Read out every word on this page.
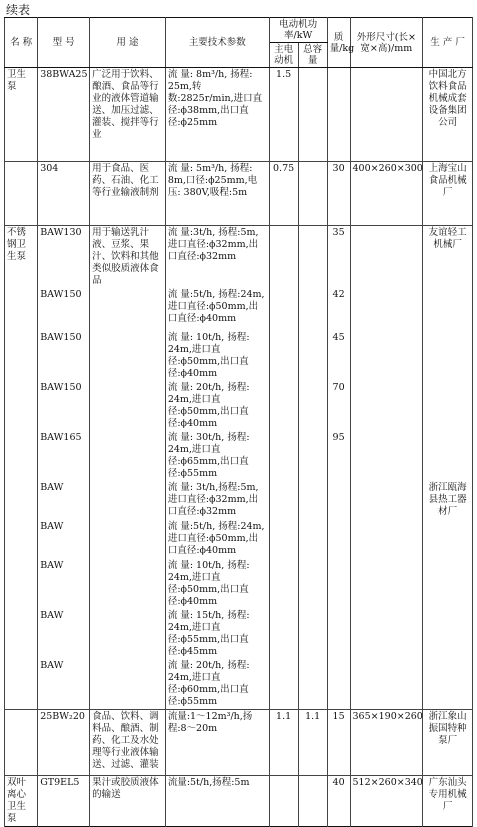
续表
名 称	型 号	用 途	主要技术参数	电动机功率/kW		质量/kg	外形尺寸(长×宽×高)/mm	生 产 厂
				主电动机	总容量			
卫生泵	38BWA25	广泛用于饮料、酿酒、食品等行业的液体管道输送、加压过滤、灌装、搅拌等行业	流 量: 8m³/h, 扬程: 25m,转数:2825r/min,进口直径:ϕ38mm,出口直径:ϕ25mm	1.5				中国北方饮料食品机械成套设备集团公司
	304	用于食品、医药、石油、化工等行业输液制剂	流 量: 5m³/h, 扬程: 8m,口径:ϕ25mm,电压: 380V,吸程:5m	0.75		30	400×260×300	上海宝山食品机械厂
不锈钢卫生泵	BAW130	用于输送乳汁液、豆浆、果汁、饮料和其他类似胶质液体食品	流 量:3t/h, 扬程:5m,进口直径:ϕ32mm,出口直径:ϕ32mm			35		友谊轻工机械厂
	BAW150		流 量:5t/h, 扬程:24m,进口直径:ϕ50mm,出口直径:ϕ40mm			42		
	BAW150		流 量: 10t/h, 扬程: 24m,进口直径:ϕ50mm,出口直径:ϕ40mm			45		
	BAW150		流 量: 20t/h, 扬程: 24m,进口直径:ϕ50mm,出口直径:ϕ40mm			70		
	BAW165		流 量: 30t/h, 扬程: 24m,进口直径:ϕ65mm,出口直径:ϕ55mm			95		
	BAW		流 量: 3t/h,扬程:5m,进口直径:ϕ32mm,出口直径:ϕ32mm					浙江瓯海县热工器材厂
	BAW		流 量:5t/h, 扬程:24m,进口直径:ϕ50mm,出口直径:ϕ40mm					
	BAW		流 量: 10t/h, 扬程: 24m,进口直径:ϕ50mm,出口直径:ϕ40mm					
	BAW		流 量: 15t/h, 扬程: 24m,进口直径:ϕ55mm,出口直径:ϕ45mm					
	BAW		流 量: 20t/h, 扬程: 24m,进口直径:ϕ60mm,出口直径:ϕ55mm					
	25BW₂20	食品、饮料、调料品、酿酒、制药、化工及水处理等行业液体输送、过滤、灌装	流量:1～12m³/h,扬程:8～20m	1.1	1.1	15	365×190×260	浙江象山振国特种泵厂
双叶离心卫生泵	GT9EL5	果汁或胶质液体的输送	流量:5t/h,扬程:5m			40	512×260×340	广东汕头专用机械厂
